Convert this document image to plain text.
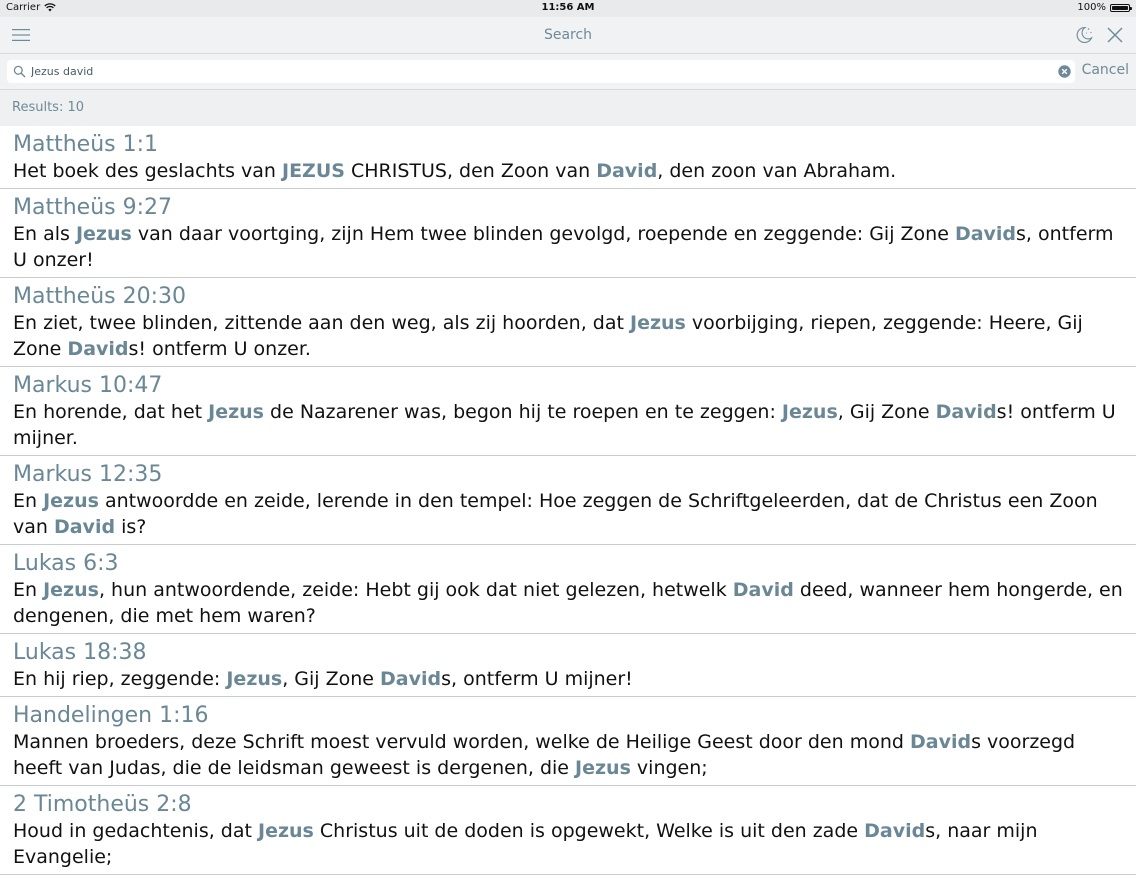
Carrier	11:56 AM	100%
Search
Jezus david
Cancel
Results: 10
Mattheüs 1:1
Het boek des geslachts van JEZUS CHRISTUS, den Zoon van David, den zoon van Abraham.
Mattheüs 9:27
En als Jezus van daar voortging, zijn Hem twee blinden gevolgd, roepende en zeggende: Gij Zone Davids, ontferm U onzer!
Mattheüs 20:30
En ziet, twee blinden, zittende aan den weg, als zij hoorden, dat Jezus voorbijging, riepen, zeggende: Heere, Gij Zone Davids! ontferm U onzer.
Markus 10:47
En horende, dat het Jezus de Nazarener was, begon hij te roepen en te zeggen: Jezus, Gij Zone Davids! ontferm U mijner.
Markus 12:35
En Jezus antwoordde en zeide, lerende in den tempel: Hoe zeggen de Schriftgeleerden, dat de Christus een Zoon van David is?
Lukas 6:3
En Jezus, hun antwoordende, zeide: Hebt gij ook dat niet gelezen, hetwelk David deed, wanneer hem hongerde, en dengenen, die met hem waren?
Lukas 18:38
En hij riep, zeggende: Jezus, Gij Zone Davids, ontferm U mijner!
Handelingen 1:16
Mannen broeders, deze Schrift moest vervuld worden, welke de Heilige Geest door den mond Davids voorzegd heeft van Judas, die de leidsman geweest is dergenen, die Jezus vingen;
2 Timotheüs 2:8
Houd in gedachtenis, dat Jezus Christus uit de doden is opgewekt, Welke is uit den zade Davids, naar mijn Evangelie;
